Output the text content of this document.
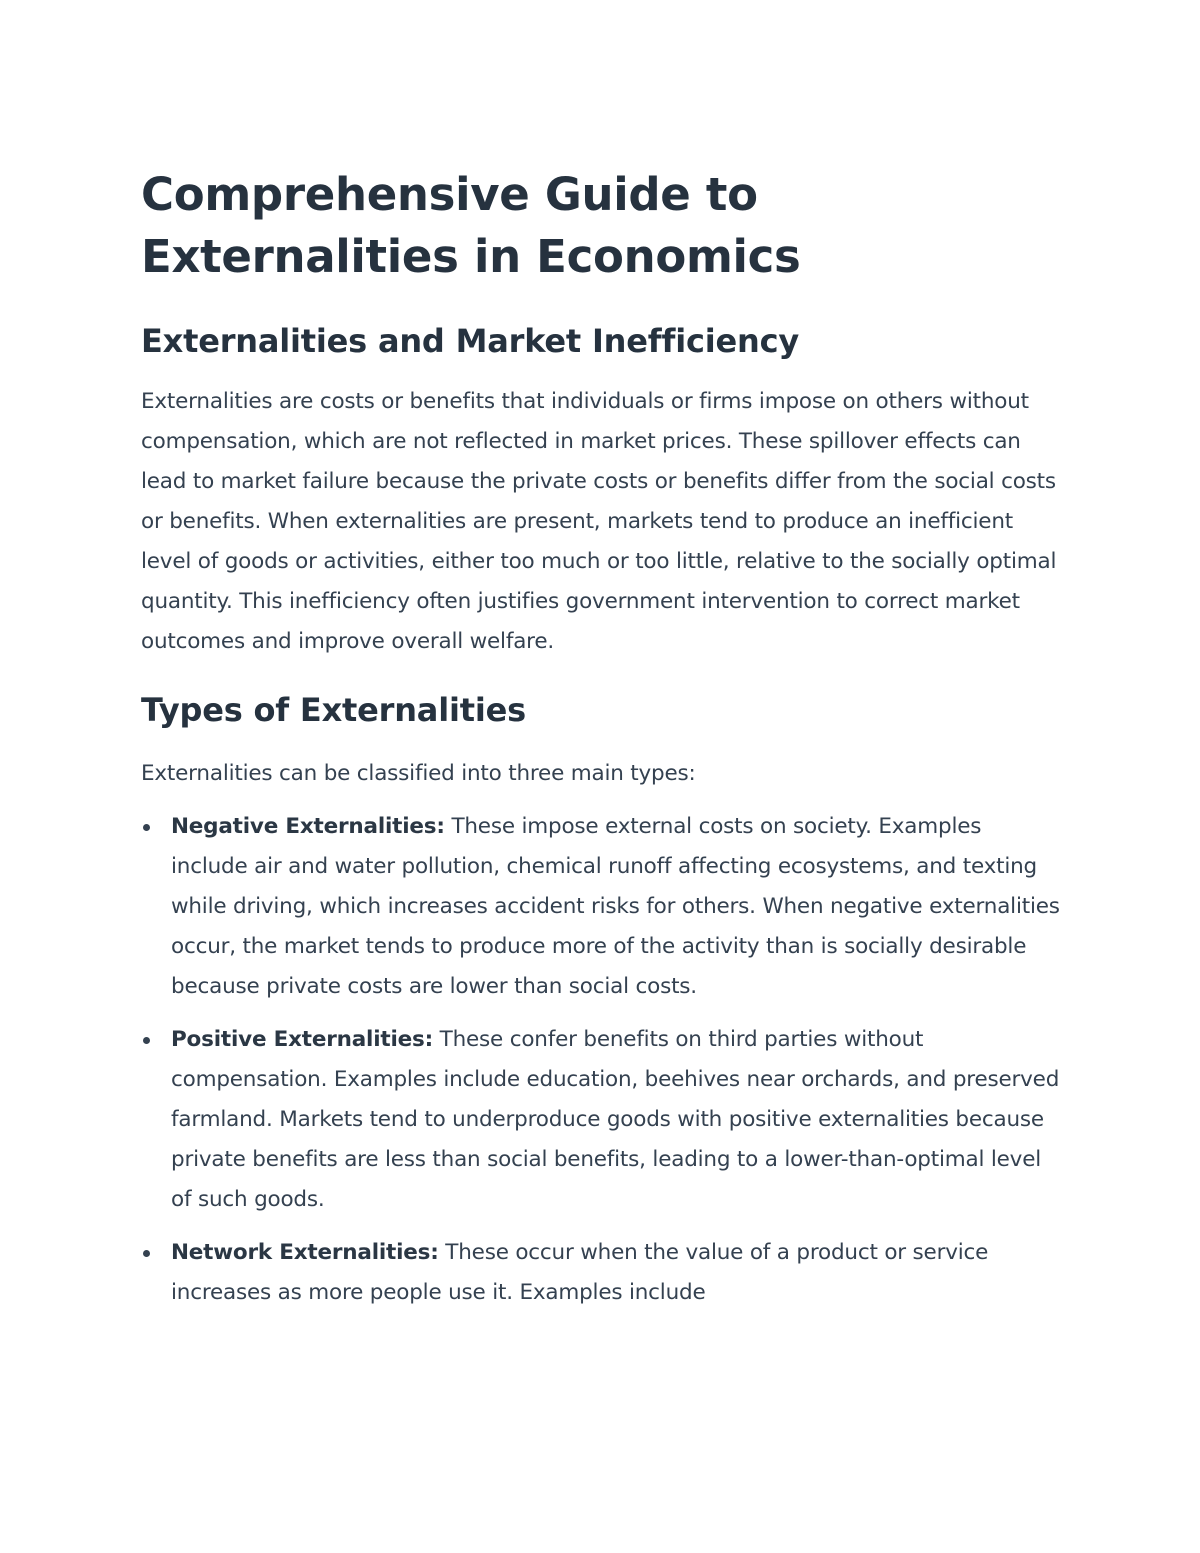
Comprehensive Guide to Externalities in Economics
Externalities and Market Inefficiency

Externalities are costs or benefits that individuals or firms impose on others without compensation, which are not reflected in market prices. These spillover effects can lead to market failure because the private costs or benefits differ from the social costs or benefits. When externalities are present, markets tend to produce an inefficient level of goods or activities, either too much or too little, relative to the socially optimal quantity. This inefficiency often justifies government intervention to correct market outcomes and improve overall welfare.

Types of Externalities

Externalities can be classified into three main types:

Negative Externalities: These impose external costs on society. Examples include air and water pollution, chemical runoff affecting ecosystems, and texting while driving, which increases accident risks for others. When negative externalities occur, the market tends to produce more of the activity than is socially desirable because private costs are lower than social costs.
Positive Externalities: These confer benefits on third parties without compensation. Examples include education, beehives near orchards, and preserved farmland. Markets tend to underproduce goods with positive externalities because private benefits are less than social benefits, leading to a lower-than-optimal level of such goods.
Network Externalities: These occur when the value of a product or service increases as more people use it. Examples include
